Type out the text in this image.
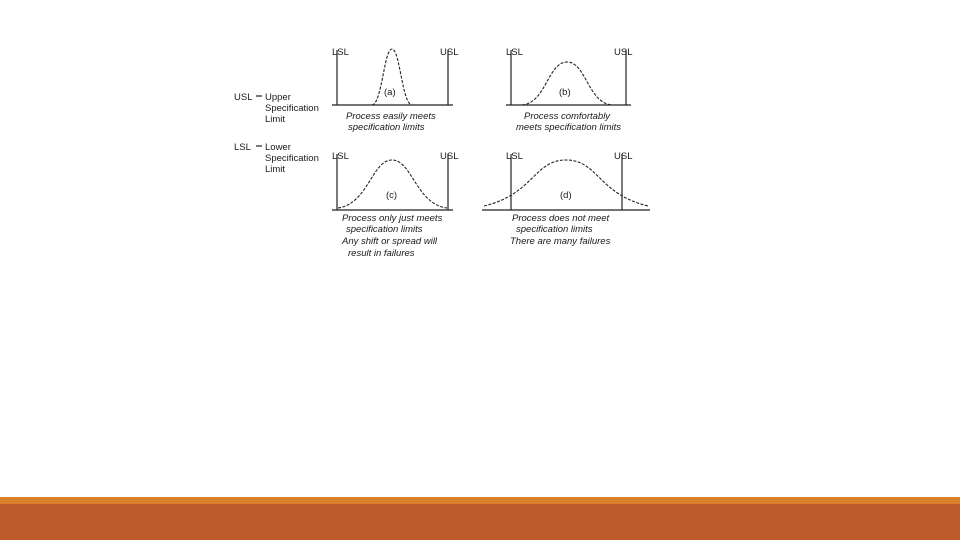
USL Upper
Specification
Limit
LSL Lower
Specification
Limit
LSL	USL
(a)
Process easily meets
specification limits
LSL	USL
(b)
Process comfortably
meets specification limits
LSL	USL
(c)
Process only just meets
specification limits
Any shift or spread will
result in failures
LSL	USL
(d)
Process does not meet
specification limits
There are many failures
